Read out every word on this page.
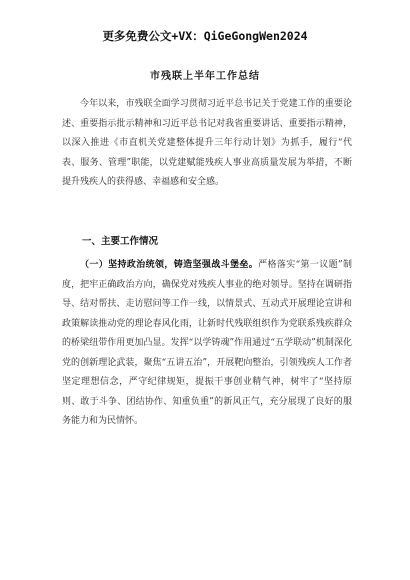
更多免费公文+VX：QiGeGongWen2024
市残联上半年工作总结
今年以来，市残联全面学习贯彻习近平总书记关于党建工作的重要论述、重要指示批示精神和习近平总书记对我省重要讲话、重要指示精神，以深入推进《市直机关党建整体提升三年行动计划》为抓手，履行“代表、服务、管理”职能，以党建赋能残疾人事业高质量发展为举措，不断提升残疾人的获得感、幸福感和安全感。
一、主要工作情况
（一）坚持政治统领，铸造坚强战斗堡垒。严格落实“第一议题”制度，把牢正确政治方向，确保党对残疾人事业的绝对领导。坚持在调研指导、结对帮扶、走访慰问等工作一线，以情景式、互动式开展理论宣讲和政策解读推动党的理论春风化雨，让新时代残联组织作为党联系残疾群众的桥梁纽带作用更加凸显。发挥“以学铸魂”作用通过“五学联动”机制深化党的创新理论武装，聚焦“五讲五治”，开展靶向整治，引领残疾人工作者坚定理想信念，严守纪律规矩，提振干事创业精气神，树牢了“坚持原则、敢于斗争、团结协作、知重负重”的新风正气，充分展现了良好的服务能力和为民情怀。
